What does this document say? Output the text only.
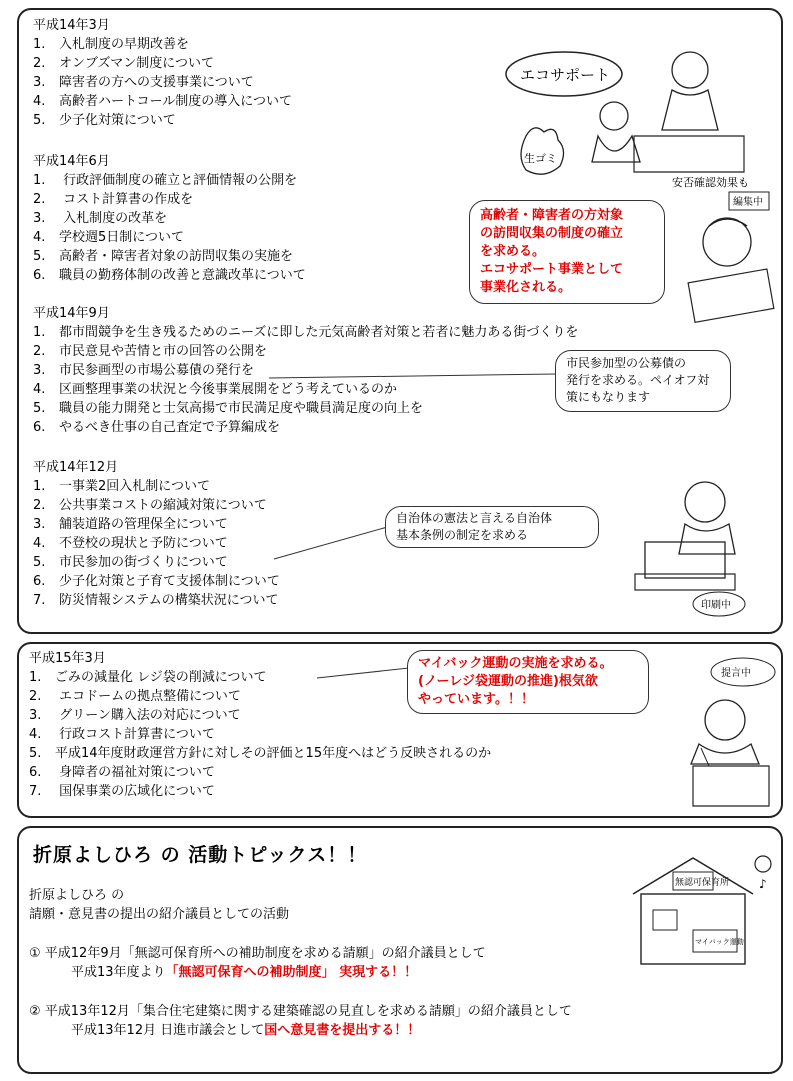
平成14年3月
1. 入札制度の早期改善を
2. オンブズマン制度について
3. 障害者の方への支援事業について
4. 高齢者ハートコール制度の導入について
5. 少子化対策について
平成14年6月
1. 行政評価制度の確立と評価情報の公開を
2. コスト計算書の作成を
3. 入札制度の改革を
4. 学校週5日制について
5. 高齢者・障害者対象の訪問収集の実施を
6. 職員の勤務体制の改善と意識改革について
平成14年9月
1. 都市間競争を生き残るためのニーズに即した元気高齢者対策と若者に魅力ある街づくりを
2. 市民意見や苦情と市の回答の公開を
3. 市民参画型の市場公募債の発行を
4. 区画整理事業の状況と今後事業展開をどう考えているのか
5. 職員の能力開発と士気高揚で市民満足度や職員満足度の向上を
6. やるべき仕事の自己査定で予算編成を
平成14年12月
1. 一事業2回入札制について
2. 公共事業コストの縮減対策について
3. 舗装道路の管理保全について
4. 不登校の現状と予防について
5. 市民参加の街づくりについて
6. 少子化対策と子育て支援体制について
7. 防災情報システムの構築状況について
高齢者・障害者の方対象
の訪問収集の制度の確立
を求める。
エコサポート事業として
事業化される。
市民参加型の公募債の
発行を求める。ペイオフ対
策にもなります
自治体の憲法と言える自治体
基本条例の制定を求める
エコサポート
生ゴミ
安否確認効果も
編集中
印刷中
平成15年3月
1. ごみの減量化 レジ袋の削減について
2. エコドームの拠点整備について
3. グリーン購入法の対応について
4. 行政コスト計算書について
5. 平成14年度財政運営方針に対しその評価と15年度へはどう反映されるのか
6. 身障者の福祉対策について
7. 国保事業の広域化について
マイバック運動の実施を求める。
(ノーレジ袋運動の推進)根気欲
やっています。！！
提言中
折原よしひろ の 活動トピックス！！
折原よしひろ の
請願・意見書の提出の紹介議員としての活動
① 平成12年9月「無認可保育所への補助制度を求める請願」の紹介議員として
平成13年度より「無認可保育への補助制度」 実現する！！
② 平成13年12月「集合住宅建築に関する建築確認の見直しを求める請願」の紹介議員として
平成13年12月 日進市議会として国へ意見書を提出する！！
無認可保育所
マイバック運動
♪
